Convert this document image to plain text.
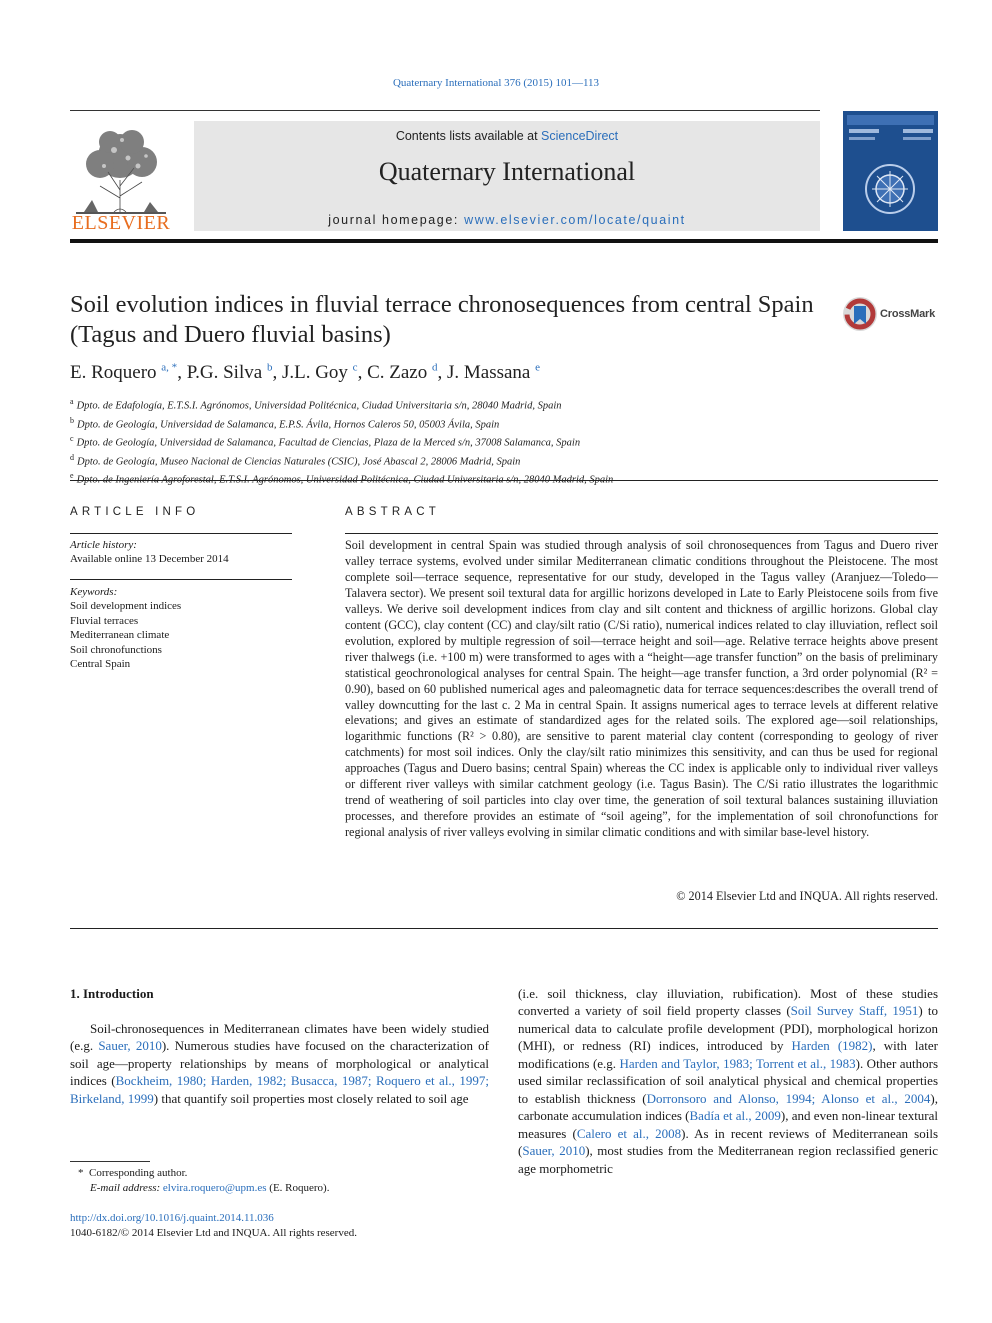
Quaternary International 376 (2015) 101—113
ELSEVIER
Contents lists available at ScienceDirect
Quaternary International
journal homepage: www.elsevier.com/locate/quaint
Soil evolution indices in fluvial terrace chronosequences from central Spain (Tagus and Duero fluvial basins)
CrossMark
E. Roquero $^{a, *}$, P.G. Silva $^b$, J.L. Goy $^c$, C. Zazo $^d$, J. Massana $^e$
$^a$ Dpto. de Edafología, E.T.S.I. Agrónomos, Universidad Politécnica, Ciudad Universitaria s/n, 28040 Madrid, Spain
$^b$ Dpto. de Geología, Universidad de Salamanca, E.P.S. Ávila, Hornos Caleros 50, 05003 Ávila, Spain
$^c$ Dpto. de Geología, Universidad de Salamanca, Facultad de Ciencias, Plaza de la Merced s/n, 37008 Salamanca, Spain
$^d$ Dpto. de Geología, Museo Nacional de Ciencias Naturales (CSIC), José Abascal 2, 28006 Madrid, Spain
$^e$ Dpto. de Ingeniería Agroforestal, E.T.S.I. Agrónomos, Universidad Politécnica, Ciudad Universitaria s/n, 28040 Madrid, Spain
ARTICLE INFO
Article history:
Available online 13 December 2014
Keywords:
Soil development indices
Fluvial terraces
Mediterranean climate
Soil chronofunctions
Central Spain
ABSTRACT
Soil development in central Spain was studied through analysis of soil chronosequences from Tagus and Duero river valley terrace systems, evolved under similar Mediterranean climatic conditions throughout the Pleistocene. The most complete soil—terrace sequence, representative for our study, developed in the Tagus valley (Aranjuez—Toledo—Talavera sector). We present soil textural data for argillic horizons developed in Late to Early Pleistocene soils from five valleys. We derive soil development indices from clay and silt content and thickness of argillic horizons. Global clay content (GCC), clay content (CC) and clay/silt ratio (C/Si ratio), numerical indices related to clay illuviation, reflect soil evolution, explored by multiple regression of soil—terrace height and soil—age. Relative terrace heights above present river thalwegs (i.e. +100 m) were transformed to ages with a “height—age transfer function” on the basis of preliminary statistical geochronological analyses for central Spain. The height—age transfer function, a 3rd order polynomial (R² = 0.90), based on 60 published numerical ages and paleomagnetic data for terrace sequences:describes the overall trend of valley downcutting for the last c. 2 Ma in central Spain. It assigns numerical ages to terrace levels at different relative elevations; and gives an estimate of standardized ages for the related soils. The explored age—soil relationships, logarithmic functions (R² > 0.80), are sensitive to parent material clay content (corresponding to geology of river catchments) for most soil indices. Only the clay/silt ratio minimizes this sensitivity, and can thus be used for regional approaches (Tagus and Duero basins; central Spain) whereas the CC index is applicable only to individual river valleys or different river valleys with similar catchment geology (i.e. Tagus Basin). The C/Si ratio illustrates the logarithmic trend of weathering of soil particles into clay over time, the generation of soil textural balances sustaining illuviation processes, and therefore provides an estimate of “soil ageing”, for the implementation of soil chronofunctions for regional analysis of river valleys evolving in similar climatic conditions and with similar base-level history.
© 2014 Elsevier Ltd and INQUA. All rights reserved.
1. Introduction
Soil-chronosequences in Mediterranean climates have been widely studied (e.g. Sauer, 2010). Numerous studies have focused on the characterization of soil age—property relationships by means of morphological or analytical indices (Bockheim, 1980; Harden, 1982; Busacca, 1987; Roquero et al., 1997; Birkeland, 1999) that quantify soil properties most closely related to soil age
(i.e. soil thickness, clay illuviation, rubification). Most of these studies converted a variety of soil field property classes (Soil Survey Staff, 1951) to numerical data to calculate profile development (PDI), morphological horizon (MHI), or redness (RI) indices, introduced by Harden (1982), with later modifications (e.g. Harden and Taylor, 1983; Torrent et al., 1983). Other authors used similar reclassification of soil analytical physical and chemical properties to establish thickness (Dorronsoro and Alonso, 1994; Alonso et al., 2004), carbonate accumulation indices (Badía et al., 2009), and even non-linear textural measures (Calero et al., 2008). As in recent reviews of Mediterranean soils (Sauer, 2010), most studies from the Mediterranean region reclassified generic age morphometric
* Corresponding author.
E-mail address: elvira.roquero@upm.es (E. Roquero).
http://dx.doi.org/10.1016/j.quaint.2014.11.036
1040-6182/© 2014 Elsevier Ltd and INQUA. All rights reserved.
